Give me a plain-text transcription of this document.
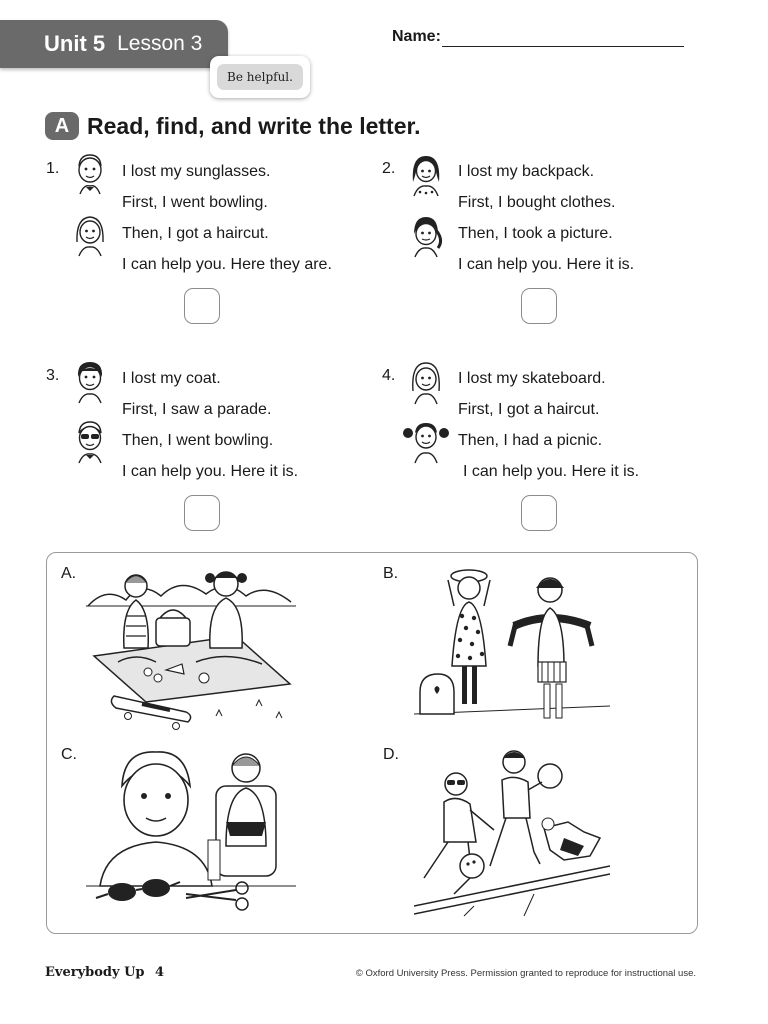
Unit 5 Lesson 3
Be helpful.
Name:
A Read, find, and write the letter.
1.	I lost my sunglasses.
First, I went bowling.
Then, I got a haircut.
I can help you. Here they are.
2.	I lost my backpack.
First, I bought clothes.
Then, I took a picture.
I can help you. Here it is.
3.	I lost my coat.
First, I saw a parade.
Then, I went bowling.
I can help you. Here it is.
4.	I lost my skateboard.
First, I got a haircut.
Then, I had a picnic.
I can help you. Here it is.
A.	B.
C.	D.
Everybody Up 4	© Oxford University Press. Permission granted to reproduce for instructional use.
